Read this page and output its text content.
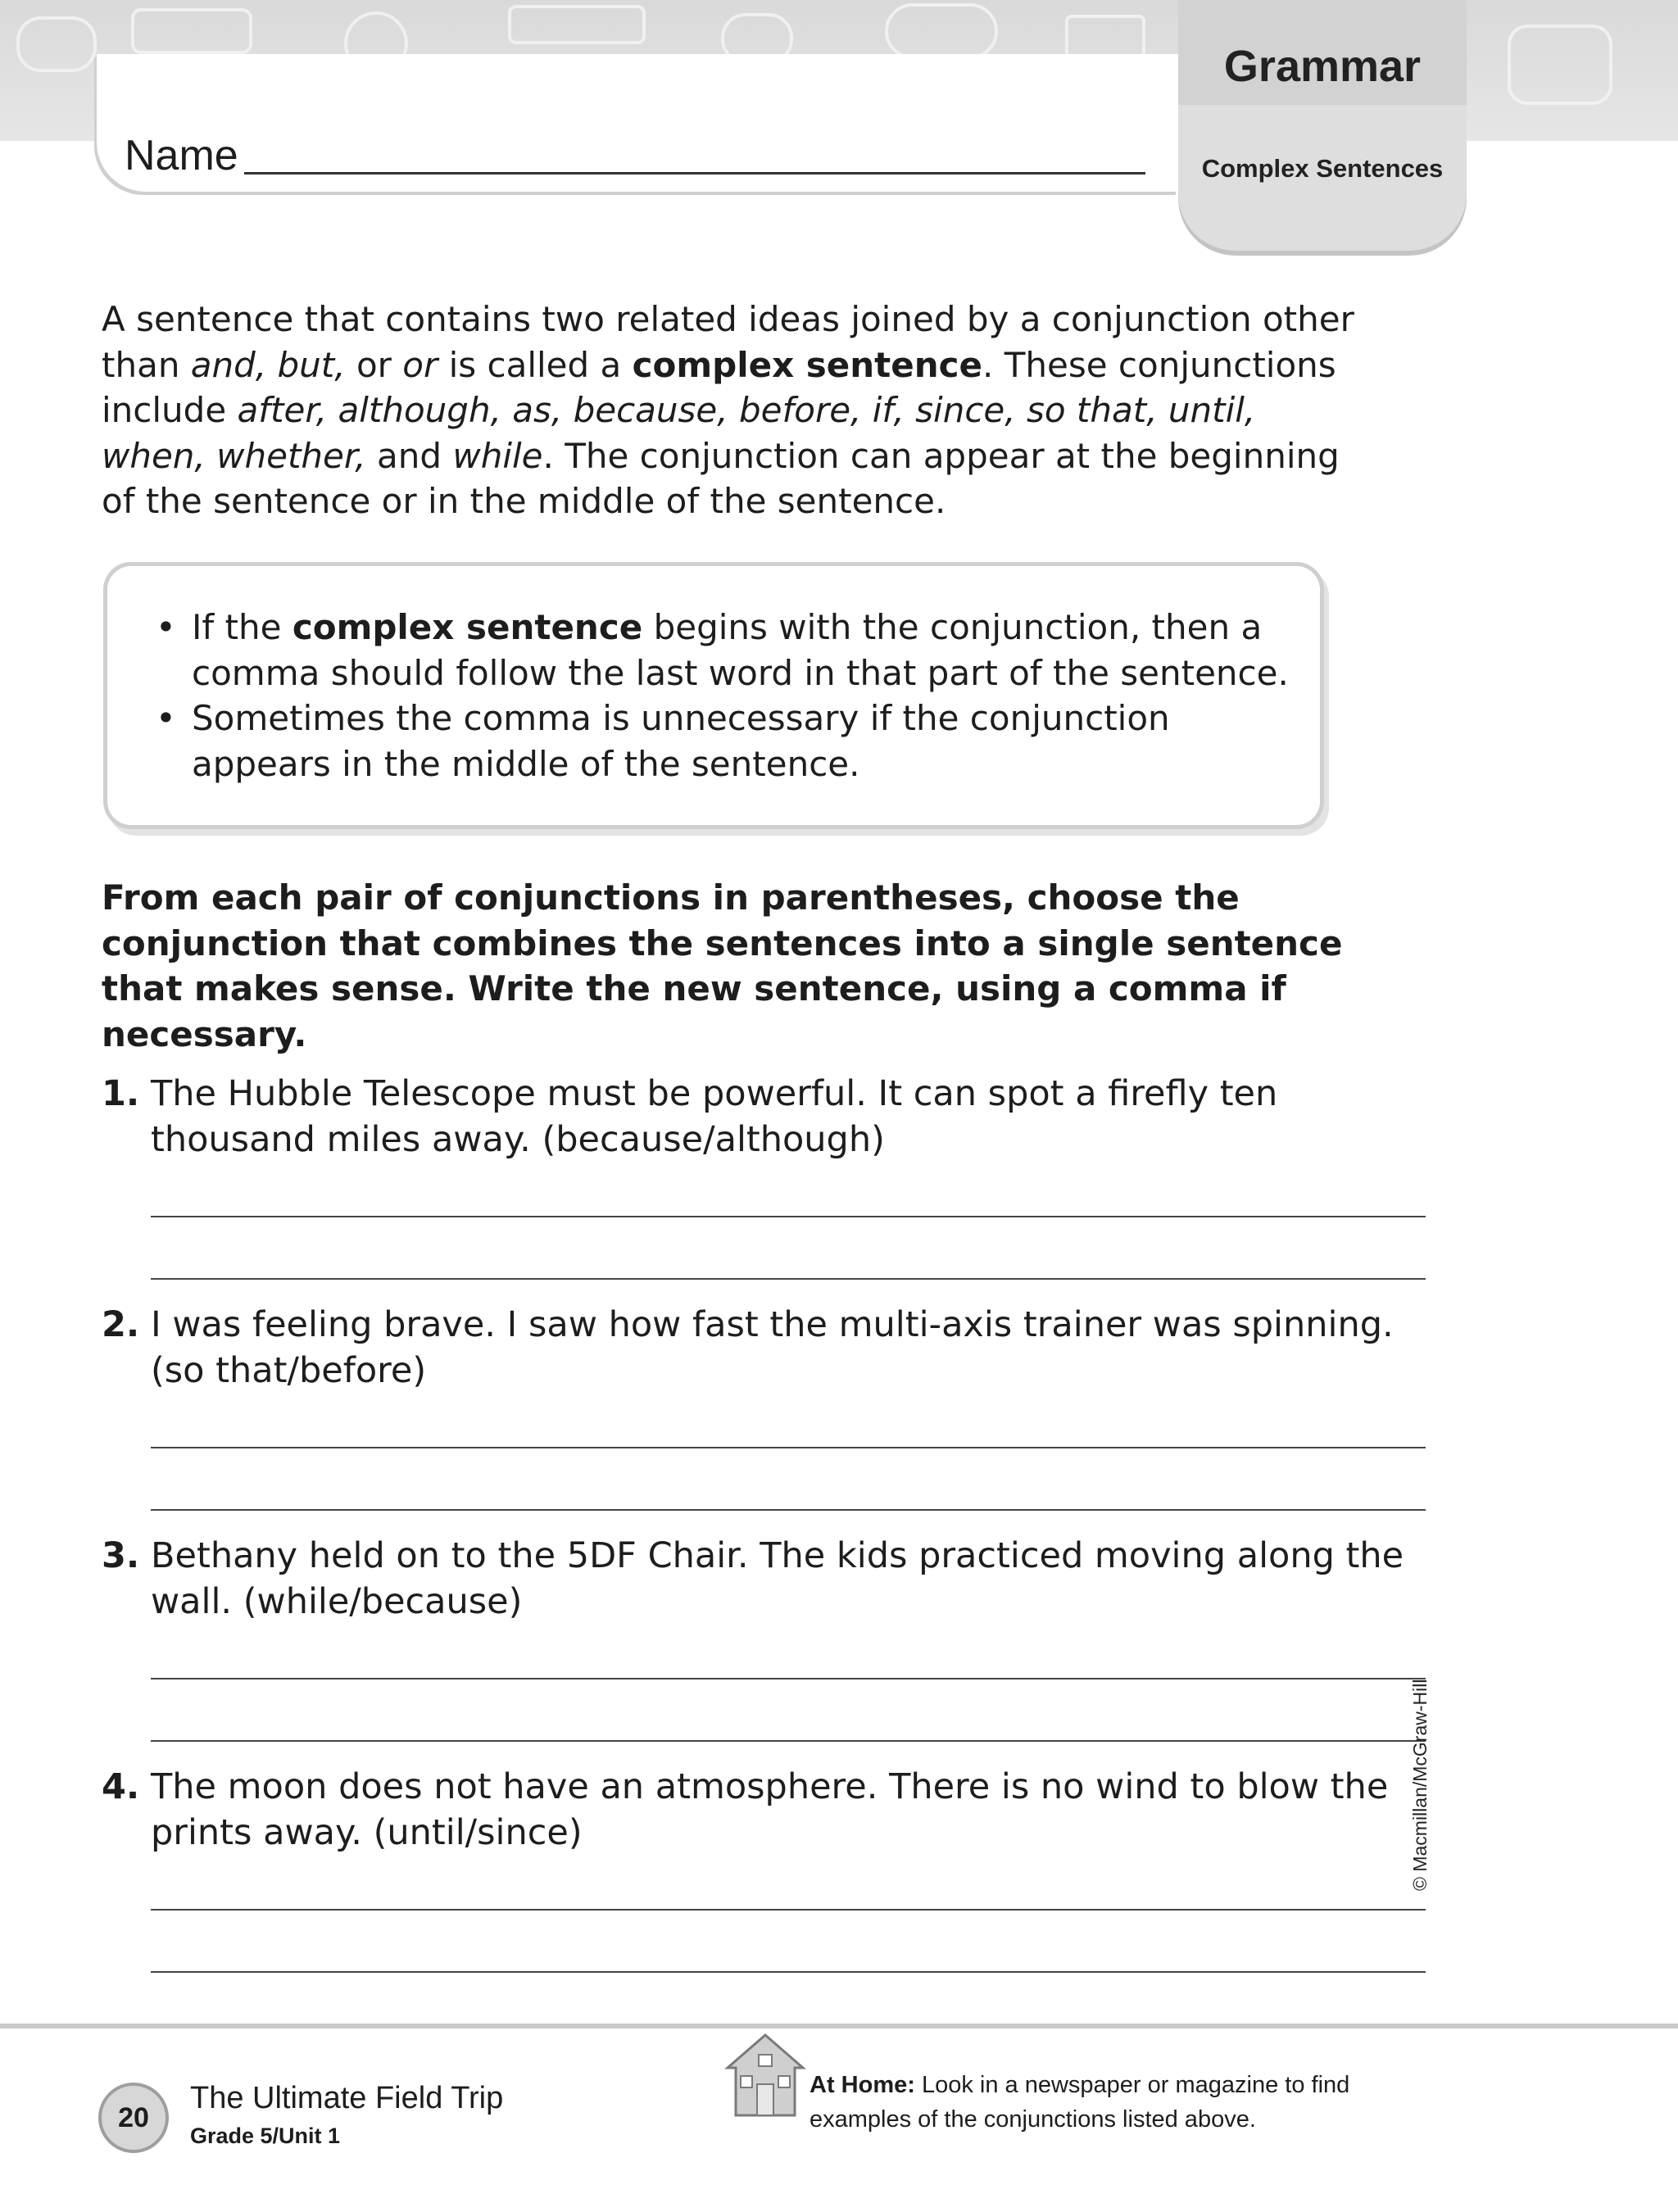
Name
Grammar
Complex Sentences
A sentence that contains two related ideas joined by a conjunction other than and, but, or or is called a complex sentence. These conjunctions include after, although, as, because, before, if, since, so that, until, when, whether, and while. The conjunction can appear at the beginning of the sentence or in the middle of the sentence.
• If the complex sentence begins with the conjunction, then a comma should follow the last word in that part of the sentence.
• Sometimes the comma is unnecessary if the conjunction appears in the middle of the sentence.
From each pair of conjunctions in parentheses, choose the conjunction that combines the sentences into a single sentence that makes sense. Write the new sentence, using a comma if necessary.
1. The Hubble Telescope must be powerful. It can spot a firefly ten thousand miles away. (because/although)
2. I was feeling brave. I saw how fast the multi-axis trainer was spinning. (so that/before)
3. Bethany held on to the 5DF Chair. The kids practiced moving along the wall. (while/because)
4. The moon does not have an atmosphere. There is no wind to blow the prints away. (until/since)	© Macmillan/McGraw-Hill
20
The Ultimate Field Trip
Grade 5/Unit 1
At Home: Look in a newspaper or magazine to find examples of the conjunctions listed above.
